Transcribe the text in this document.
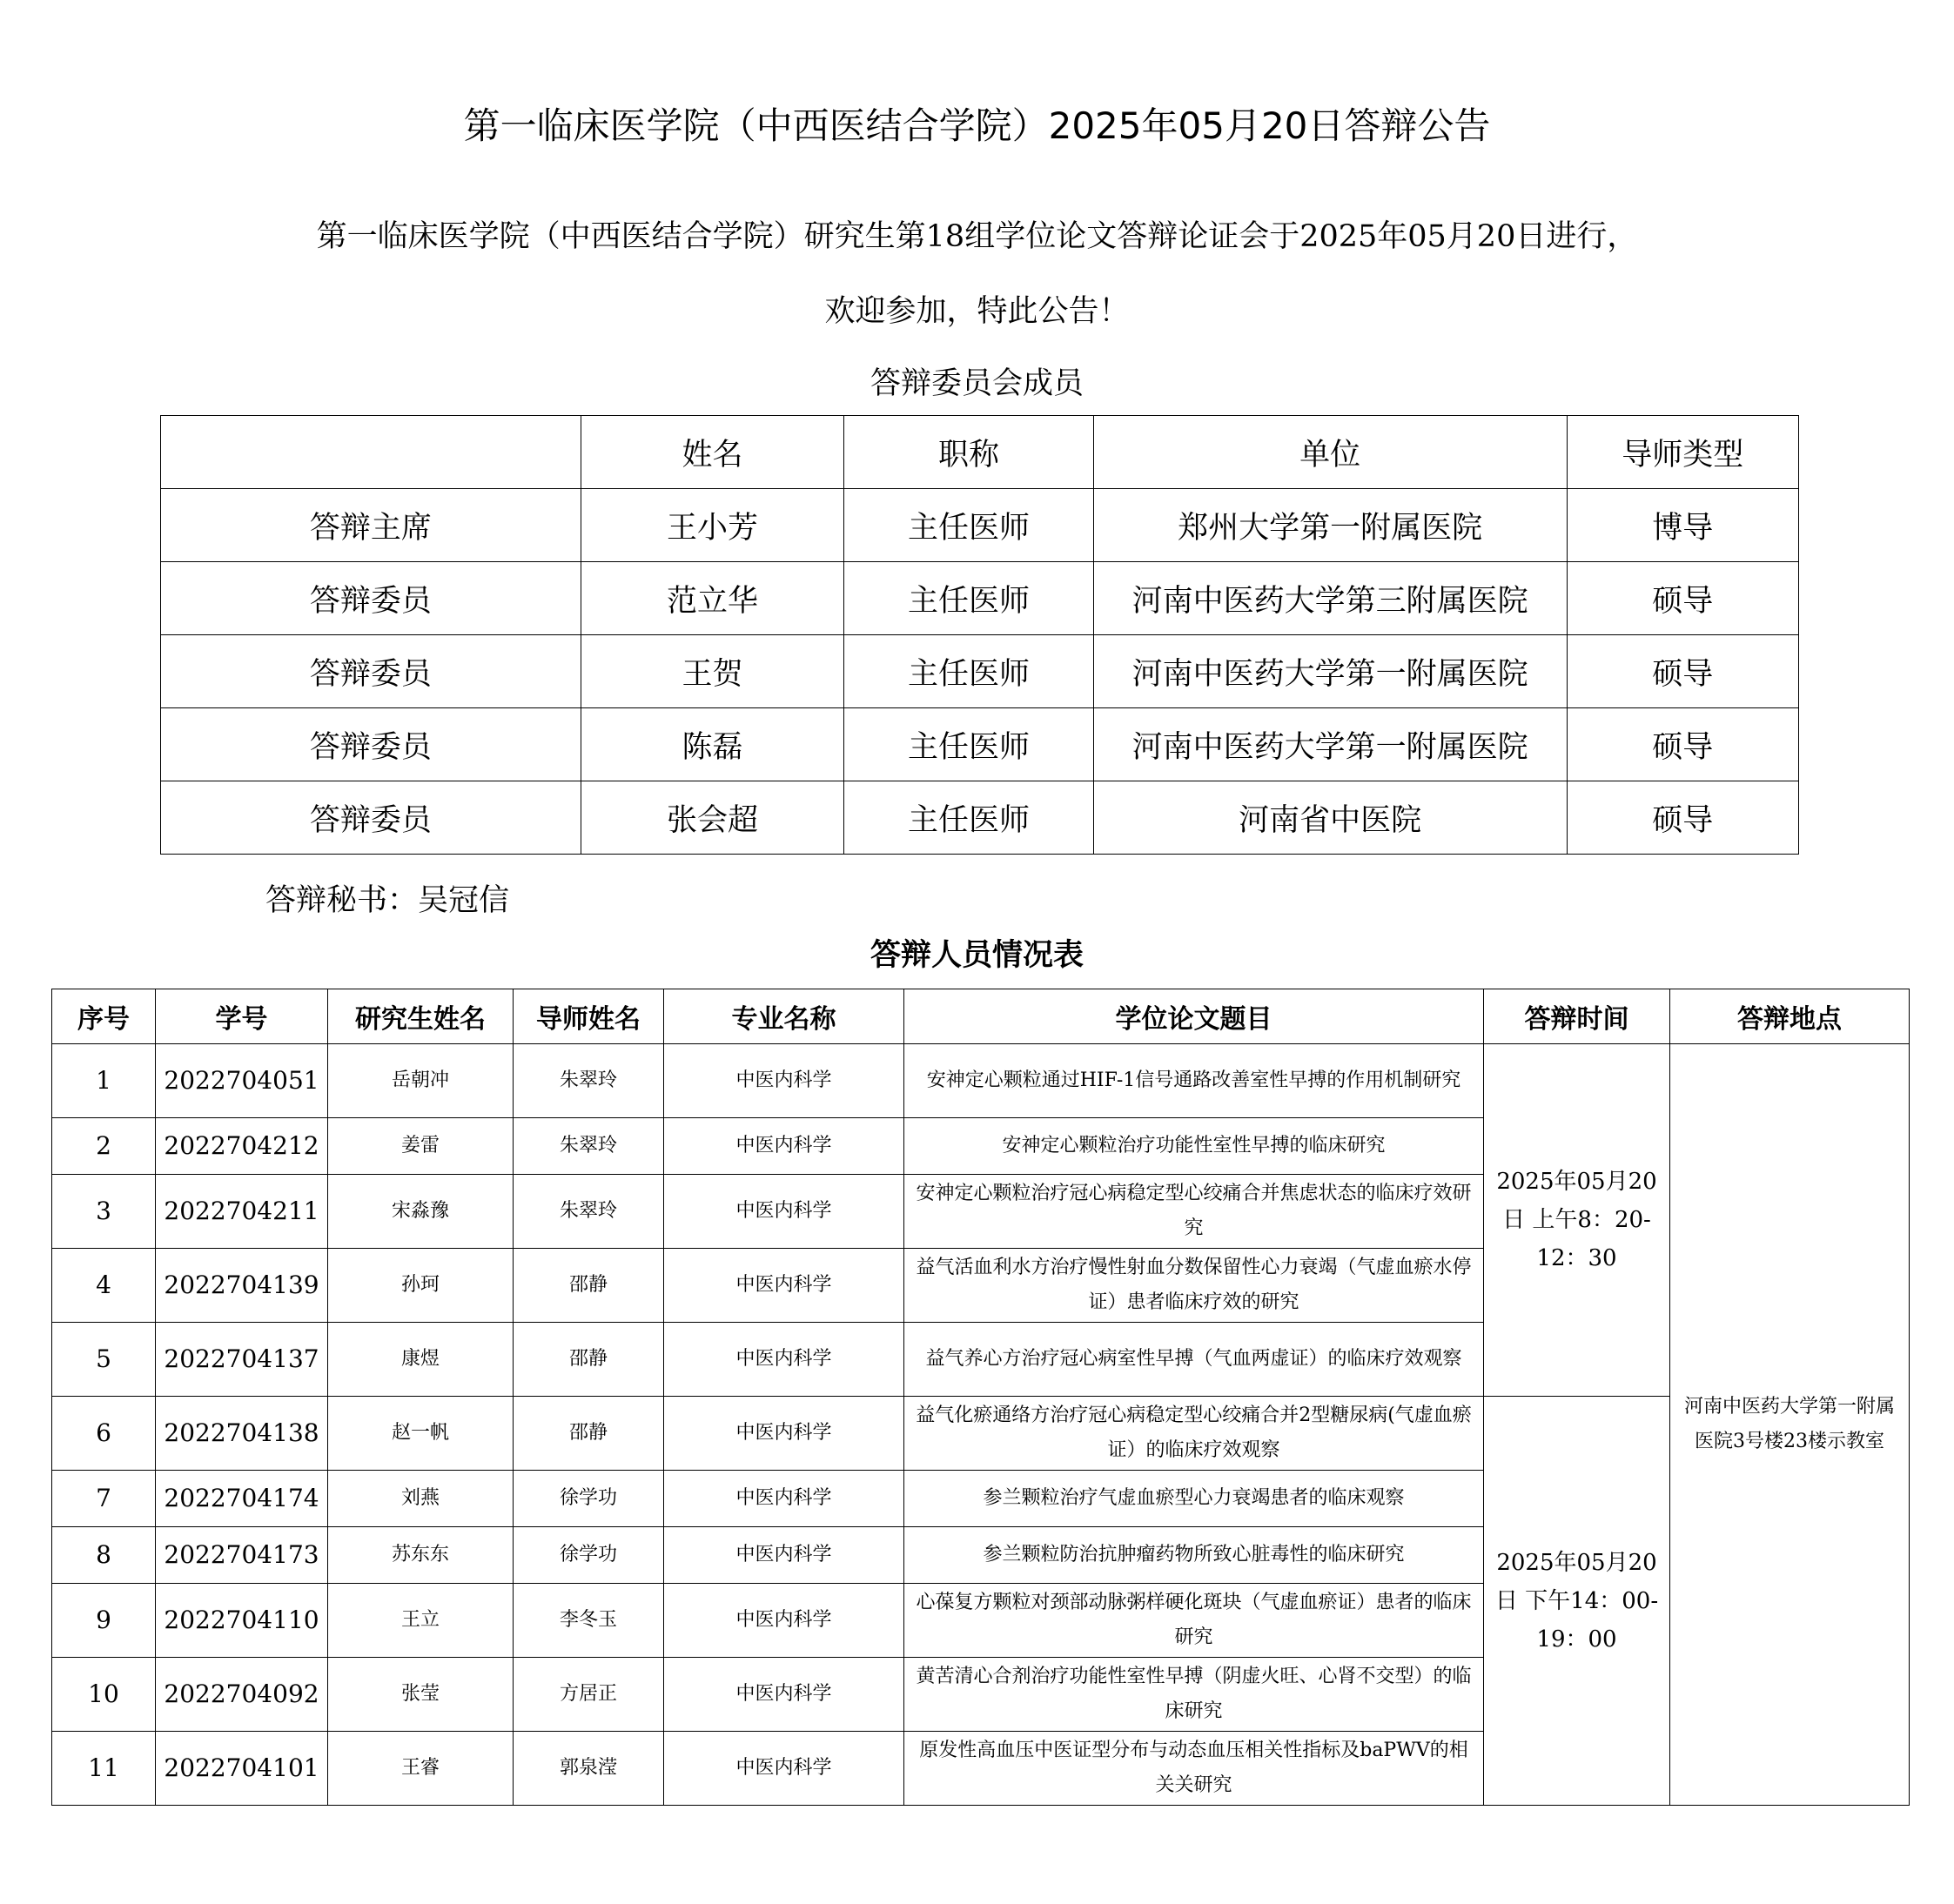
第一临床医学院（中西医结合学院）2025年05月20日答辩公告
第一临床医学院（中西医结合学院）研究生第18组学位论文答辩论证会于2025年05月20日进行，
欢迎参加，特此公告！
答辩委员会成员
	姓名	职称	单位	导师类型
答辩主席	王小芳	主任医师	郑州大学第一附属医院	博导
答辩委员	范立华	主任医师	河南中医药大学第三附属医院	硕导
答辩委员	王贺	主任医师	河南中医药大学第一附属医院	硕导
答辩委员	陈磊	主任医师	河南中医药大学第一附属医院	硕导
答辩委员	张会超	主任医师	河南省中医院	硕导
答辩秘书：吴冠信
答辩人员情况表
序号	学号	研究生姓名	导师姓名	专业名称	学位论文题目	答辩时间	答辩地点
1	2022704051	岳朝冲	朱翠玲	中医内科学	安神定心颗粒通过HIF-1信号通路改善室性早搏的作用机制研究	2025年05月20日 上午8：20-12：30	河南中医药大学第一附属医院3号楼23楼示教室
2	2022704212	姜雷	朱翠玲	中医内科学	安神定心颗粒治疗功能性室性早搏的临床研究		
3	2022704211	宋淼豫	朱翠玲	中医内科学	安神定心颗粒治疗冠心病稳定型心绞痛合并焦虑状态的临床疗效研究		
4	2022704139	孙珂	邵静	中医内科学	益气活血利水方治疗慢性射血分数保留性心力衰竭（气虚血瘀水停证）患者临床疗效的研究		
5	2022704137	康煜	邵静	中医内科学	益气养心方治疗冠心病室性早搏（气血两虚证）的临床疗效观察		
6	2022704138	赵一帆	邵静	中医内科学	益气化瘀通络方治疗冠心病稳定型心绞痛合并2型糖尿病(气虚血瘀证）的临床疗效观察	2025年05月20日 下午14：00-19：00	
7	2022704174	刘燕	徐学功	中医内科学	参兰颗粒治疗气虚血瘀型心力衰竭患者的临床观察		
8	2022704173	苏东东	徐学功	中医内科学	参兰颗粒防治抗肿瘤药物所致心脏毒性的临床研究		
9	2022704110	王立	李冬玉	中医内科学	心葆复方颗粒对颈部动脉粥样硬化斑块（气虚血瘀证）患者的临床研究		
10	2022704092	张莹	方居正	中医内科学	黄苦清心合剂治疗功能性室性早搏（阴虚火旺、心肾不交型）的临床研究		
11	2022704101	王睿	郭泉滢	中医内科学	原发性高血压中医证型分布与动态血压相关性指标及baPWV的相关关研究		
